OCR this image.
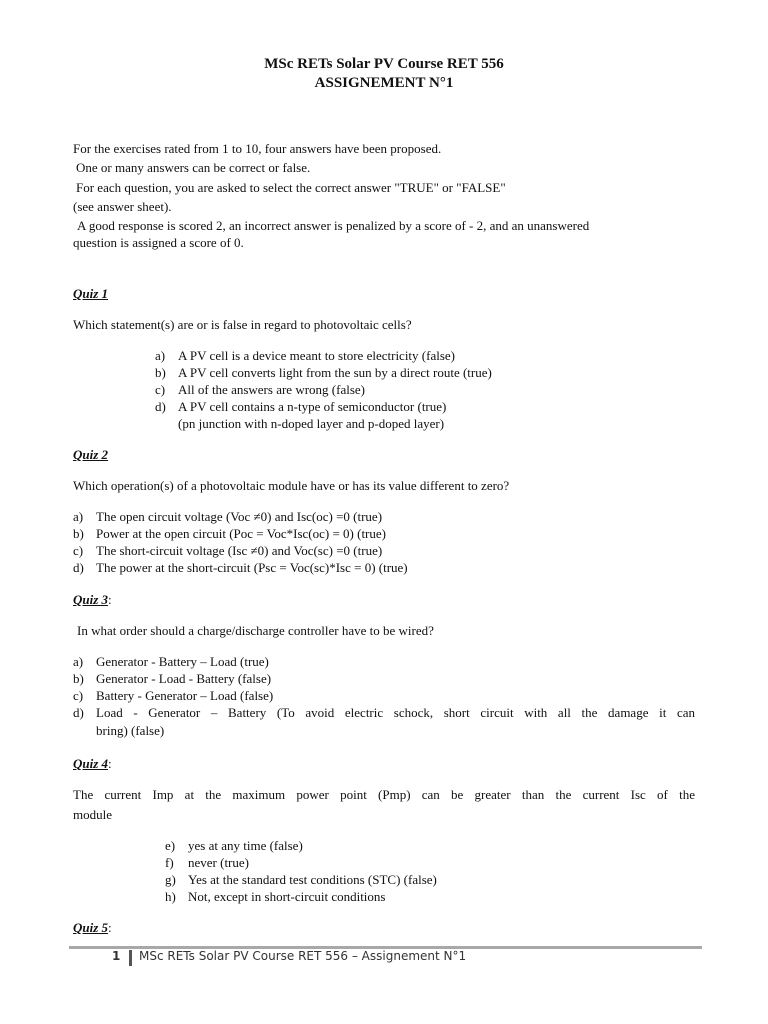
MSc RETs Solar PV Course RET 556
ASSIGNEMENT N°1
For the exercises rated from 1 to 10, four answers have been proposed.
One or many answers can be correct or false.
For each question, you are asked to select the correct answer "TRUE" or "FALSE"
(see answer sheet).
A good response is scored 2, an incorrect answer is penalized by a score of - 2, and an unanswered
question is assigned a score of 0.
Quiz 1
Which statement(s) are or is false in regard to photovoltaic cells?
a) A PV cell is a device meant to store electricity (false)
b) A PV cell converts light from the sun by a direct route (true)
c) All of the answers are wrong (false)
d) A PV cell contains a n-type of semiconductor (true)
(pn junction with n-doped layer and p-doped layer)
Quiz 2
Which operation(s) of a photovoltaic module have or has its value different to zero?
a) The open circuit voltage (Voc ≠0) and Isc(oc) =0 (true)
b) Power at the open circuit (Poc = Voc*Isc(oc) = 0) (true)
c) The short-circuit voltage (Isc ≠0) and Voc(sc) =0 (true)
d) The power at the short-circuit (Psc = Voc(sc)*Isc = 0) (true)
Quiz 3:
In what order should a charge/discharge controller have to be wired?
a) Generator - Battery – Load (true)
b) Generator - Load - Battery (false)
c) Battery - Generator – Load (false)
d) Load - Generator – Battery (To avoid electric schock, short circuit with all the damage it can
bring) (false)
Quiz 4:
The current Imp at the maximum power point (Pmp) can be greater than the current Isc of the
module
e) yes at any time (false)
f) never (true)
g) Yes at the standard test conditions (STC) (false)
h) Not, except in short-circuit conditions
Quiz 5:
1 MSc RETs Solar PV Course RET 556 – Assignement N°1
